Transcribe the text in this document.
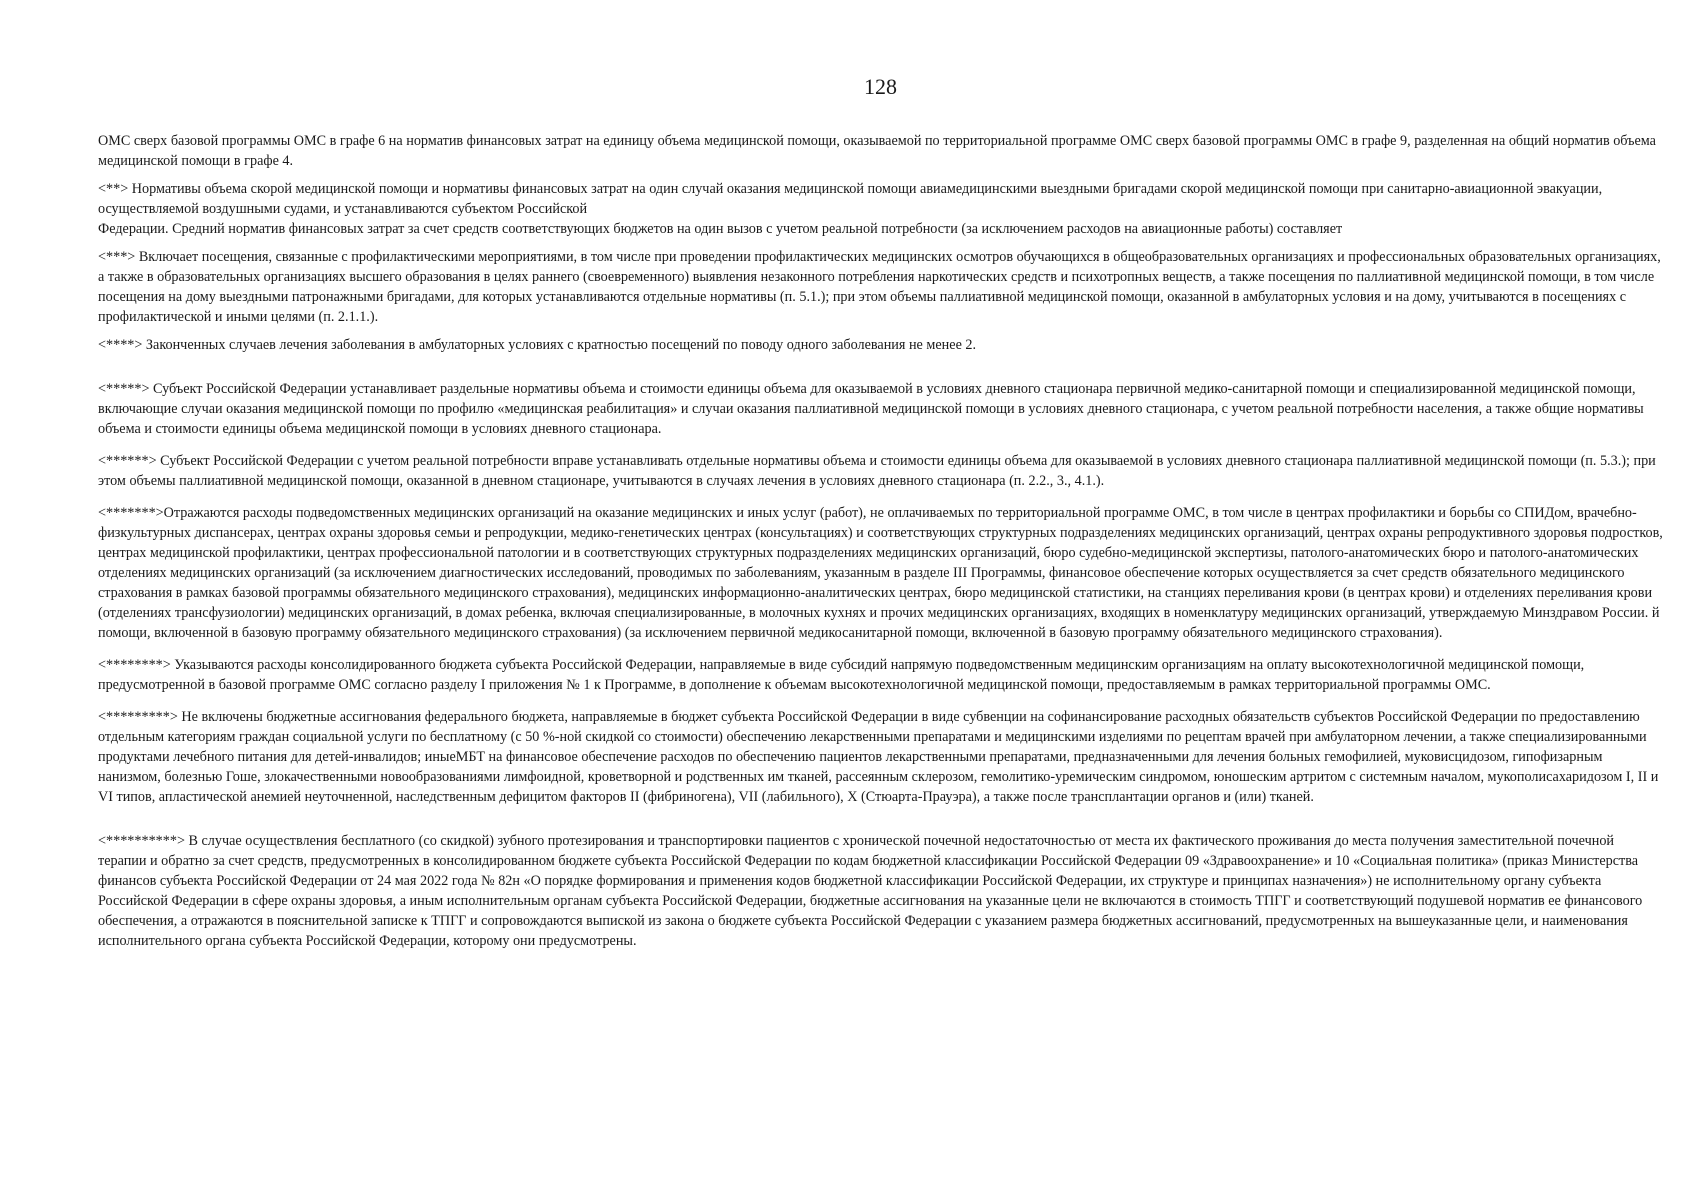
128

ОМС сверх базовой программы ОМС в графе 6 на норматив финансовых затрат на единицу объема медицинской помощи, оказываемой по территориальной программе ОМС сверх базовой программы ОМС в графе 9, разделенная на общий норматив объема медицинской помощи в графе 4.

<**> Нормативы объема скорой медицинской помощи и нормативы финансовых затрат на один случай оказания медицинской помощи авиамедицинскими выездными бригадами скорой медицинской помощи при санитарно-авиационной эвакуации, осуществляемой воздушными судами, и устанавливаются субъектом Российской

Федерации. Средний норматив финансовых затрат за счет средств соответствующих бюджетов на один вызов с учетом реальной потребности (за исключением расходов на авиационные работы) составляет

<***> Включает посещения, связанные с профилактическими мероприятиями, в том числе при проведении профилактических медицинских осмотров обучающихся в общеобразовательных организациях и профессиональных образовательных организациях, а также в образовательных организациях высшего образования в целях раннего (своевременного) выявления незаконного потребления наркотических средств и психотропных веществ, а также посещения по паллиативной медицинской помощи, в том числе посещения на дому выездными патронажными бригадами, для которых устанавливаются отдельные нормативы (п. 5.1.); при этом объемы паллиативной медицинской помощи, оказанной в амбулаторных условия и на дому, учитываются в посещениях с профилактической и иными целями (п. 2.1.1.).

<****> Законченных случаев лечения заболевания в амбулаторных условиях с кратностью посещений по поводу одного заболевания не менее 2.

<*****> Субъект Российской Федерации устанавливает раздельные нормативы объема и стоимости единицы объема для оказываемой в условиях дневного стационара первичной медико-санитарной помощи и специализированной медицинской помощи, включающие случаи оказания медицинской помощи по профилю «медицинская реабилитация» и случаи оказания паллиативной медицинской помощи в условиях дневного стационара, с учетом реальной потребности населения, а также общие нормативы объема и стоимости единицы объема медицинской помощи в условиях дневного стационара.

<******> Субъект Российской Федерации с учетом реальной потребности вправе устанавливать отдельные нормативы объема и стоимости единицы объема для оказываемой в условиях дневного стационара паллиативной медицинской помощи (п. 5.3.); при этом объемы паллиативной медицинской помощи, оказанной в дневном стационаре, учитываются в случаях лечения в условиях дневного стационара (п. 2.2., 3., 4.1.).

<*******>Отражаются расходы подведомственных медицинских организаций на оказание медицинских и иных услуг (работ), не оплачиваемых по территориальной программе ОМС, в том числе в центрах профилактики и борьбы со СПИДом, врачебно-физкультурных диспансерах, центрах охраны здоровья семьи и репродукции, медико-генетических центрах (консультациях) и соответствующих структурных подразделениях медицинских организаций, центрах охраны репродуктивного здоровья подростков, центрах медицинской профилактики, центрах профессиональной патологии и в соответствующих структурных подразделениях медицинских организаций, бюро судебно-медицинской экспертизы, патолого-анатомических бюро и патолого-анатомических отделениях медицинских организаций (за исключением диагностических исследований, проводимых по заболеваниям, указанным в разделе III Программы, финансовое обеспечение которых осуществляется за счет средств обязательного медицинского страхования в рамках базовой программы обязательного медицинского страхования), медицинских информационно-аналитических центрах, бюро медицинской статистики, на станциях переливания крови (в центрах крови) и отделениях переливания крови (отделениях трансфузиологии) медицинских организаций, в домах ребенка, включая специализированные, в молочных кухнях и прочих медицинских организациях, входящих в номенклатуру медицинских организаций, утверждаемую Минздравом России. й помощи, включенной в базовую программу обязательного медицинского страхования) (за исключением первичной медикосанитарной помощи, включенной в базовую программу обязательного медицинского страхования).

<********> Указываются расходы консолидированного бюджета субъекта Российской Федерации, направляемые в виде субсидий напрямую подведомственным медицинским организациям на оплату высокотехнологичной медицинской помощи, предусмотренной в базовой программе ОМС согласно разделу I приложения № 1 к Программе, в дополнение к объемам высокотехнологичной медицинской помощи, предоставляемым в рамках территориальной программы ОМС.

<*********> Не включены бюджетные ассигнования федерального бюджета, направляемые в бюджет субъекта Российской Федерации в виде субвенции на софинансирование расходных обязательств субъектов Российской Федерации по предоставлению отдельным категориям граждан социальной услуги по бесплатному (с 50 %-ной скидкой со стоимости) обеспечению лекарственными препаратами и медицинскими изделиями по рецептам врачей при амбулаторном лечении, а также специализированными продуктами лечебного питания для детей-инвалидов; иныеМБТ на финансовое обеспечение расходов по обеспечению пациентов лекарственными препаратами, предназначенными для лечения больных гемофилией, муковисцидозом, гипофизарным нанизмом, болезнью Гоше, злокачественными новообразованиями лимфоидной, кроветворной и родственных им тканей, рассеянным склерозом, гемолитико-уремическим синдромом, юношеским артритом с системным началом, мукополисахаридозом I, II и VI типов, апластической анемией неуточненной, наследственным дефицитом факторов II (фибриногена), VII (лабильного), X (Стюарта-Прауэра), а также после трансплантации органов и (или) тканей.

<**********> В случае осуществления бесплатного (со скидкой) зубного протезирования и транспортировки пациентов с хронической почечной недостаточностью от места их фактического проживания до места получения заместительной почечной терапии и обратно за счет средств, предусмотренных в консолидированном бюджете субъекта Российской Федерации по кодам бюджетной классификации Российской Федерации 09 «Здравоохранение» и 10 «Социальная политика» (приказ Министерства финансов субъекта Российской Федерации от 24 мая 2022 года № 82н «О порядке формирования и применения кодов бюджетной классификации Российской Федерации, их структуре и принципах назначения») не исполнительному органу субъекта Российской Федерации в сфере охраны здоровья, а иным исполнительным органам субъекта Российской Федерации, бюджетные ассигнования на указанные цели не включаются в стоимость ТПГГ и соответствующий подушевой норматив ее финансового обеспечения, а отражаются в пояснительной записке к ТПГГ и сопровождаются выпиской из закона о бюджете субъекта Российской Федерации с указанием размера бюджетных ассигнований, предусмотренных на вышеуказанные цели, и наименования исполнительного органа субъекта Российской Федерации, которому они предусмотрены.
